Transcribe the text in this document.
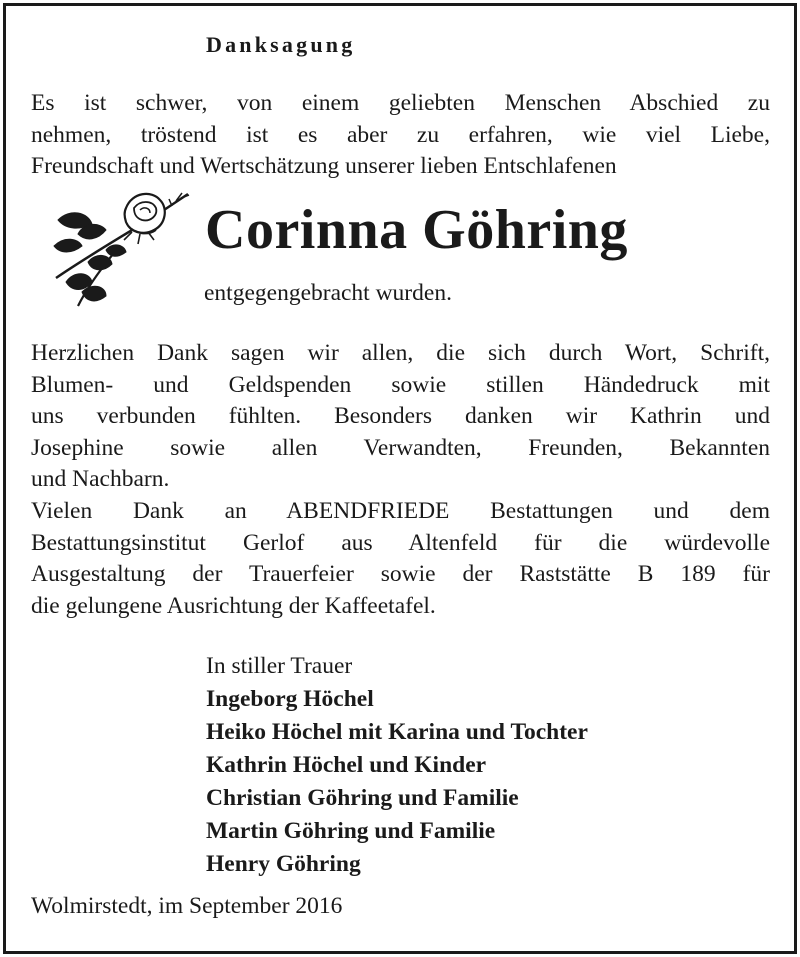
Danksagung
Es ist schwer, von einem geliebten Menschen Abschied zu
nehmen, tröstend ist es aber zu erfahren, wie viel Liebe,
Freundschaft und Wertschätzung unserer lieben Entschlafenen
Corinna Göhring
entgegengebracht wurden.
Herzlichen Dank sagen wir allen, die sich durch Wort, Schrift,
Blumen- und Geldspenden sowie stillen Händedruck mit
uns verbunden fühlten. Besonders danken wir Kathrin und
Josephine sowie allen Verwandten, Freunden, Bekannten
und Nachbarn.
Vielen Dank an ABENDFRIEDE Bestattungen und dem
Bestattungsinstitut Gerlof aus Altenfeld für die würdevolle
Ausgestaltung der Trauerfeier sowie der Raststätte B 189 für
die gelungene Ausrichtung der Kaffeetafel.
In stiller Trauer
Ingeborg Höchel
Heiko Höchel mit Karina und Tochter
Kathrin Höchel und Kinder
Christian Göhring und Familie
Martin Göhring und Familie
Henry Göhring
Wolmirstedt, im September 2016
